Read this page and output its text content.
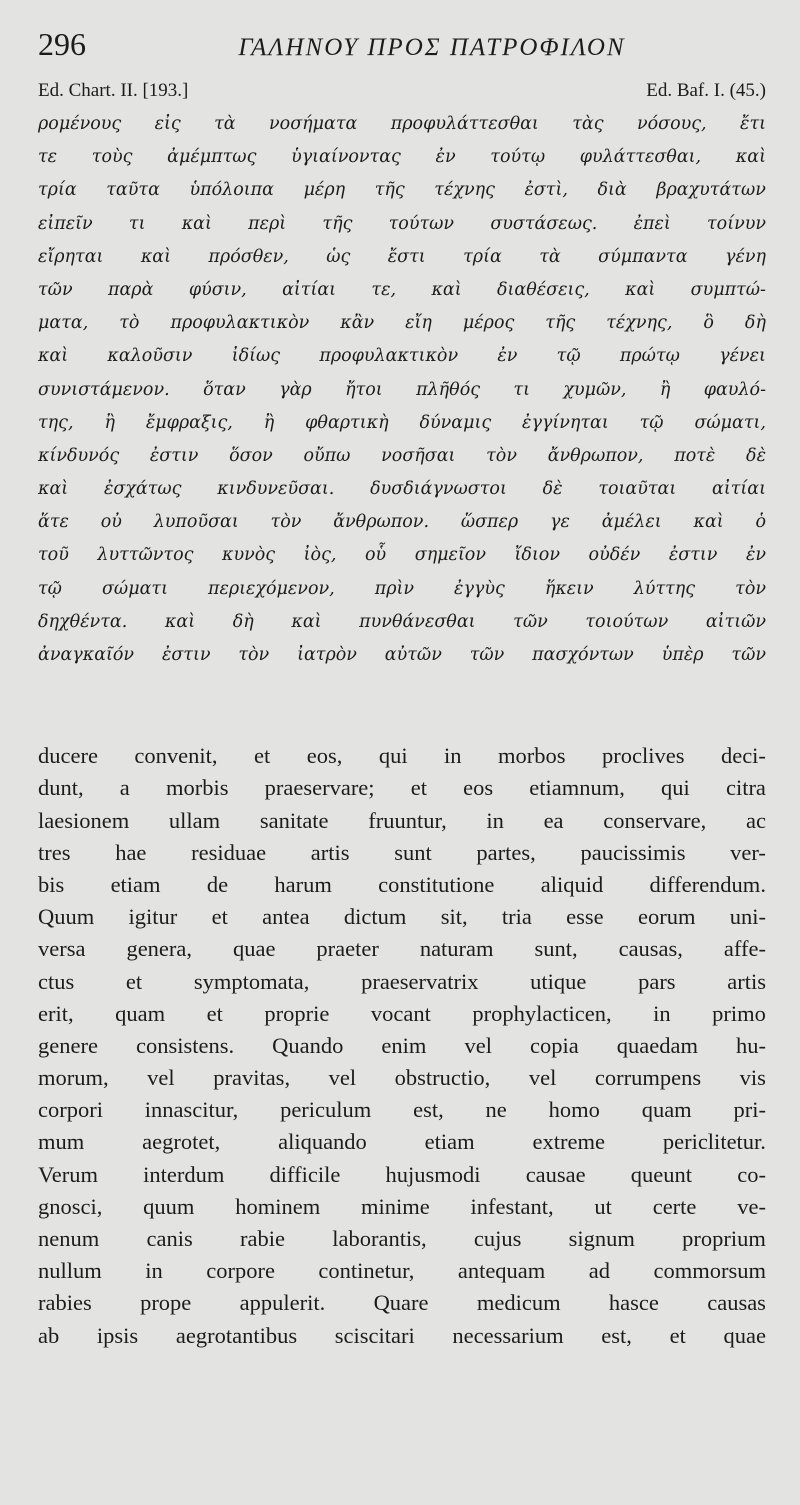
296	ΓΑΛΗΝΟΥ ΠΡΟΣ ΠΑΤΡΟΦΙΛΟΝ
Ed. Chart. II. [193.]	Ed. Baf. I. (45.)
ρομένους εἰς τὰ νοσήματα προφυλάττεσθαι τὰς νόσους, ἔτι
τε τοὺς ἀμέμπτως ὑγιαίνοντας ἐν τούτῳ φυλάττεσθαι, καὶ
τρία ταῦτα ὑπόλοιπα μέρη τῆς τέχνης ἐστὶ, διὰ βραχυτάτων
εἰπεῖν τι καὶ περὶ τῆς τούτων συστάσεως. ἐπεὶ τοίνυν
εἴρηται καὶ πρόσθεν, ὡς ἔστι τρία τὰ σύμπαντα γένη
τῶν παρὰ φύσιν, αἰτίαι τε, καὶ διαθέσεις, καὶ συμπτώ-
ματα, τὸ προφυλακτικὸν κἂν εἴη μέρος τῆς τέχνης, ὃ δὴ
καὶ καλοῦσιν ἰδίως προφυλακτικὸν ἐν τῷ πρώτῳ γένει
συνιστάμενον. ὅταν γὰρ ἤτοι πλῆθός τι χυμῶν, ἢ φαυλό-
της, ἢ ἔμφραξις, ἢ φθαρτικὴ δύναμις ἐγγίνηται τῷ σώματι,
κίνδυνός ἐστιν ὅσον οὔπω νοσῆσαι τὸν ἄνθρωπον, ποτὲ δὲ
καὶ ἐσχάτως κινδυνεῦσαι. δυσδιάγνωστοι δὲ τοιαῦται αἰτίαι
ἅτε οὐ λυποῦσαι τὸν ἄνθρωπον. ὥσπερ γε ἀμέλει καὶ ὁ
τοῦ λυττῶντος κυνὸς ἰὸς, οὗ σημεῖον ἴδιον οὐδέν ἐστιν ἐν
τῷ σώματι περιεχόμενον, πρὶν ἐγγὺς ἥκειν λύττης τὸν
δηχθέντα. καὶ δὴ καὶ πυνθάνεσθαι τῶν τοιούτων αἰτιῶν
ἀναγκαῖόν ἐστιν τὸν ἰατρὸν αὐτῶν τῶν πασχόντων ὑπὲρ τῶν
ducere convenit, et eos, qui in morbos proclives deci-
dunt, a morbis praeservare; et eos etiamnum, qui citra
laesionem ullam sanitate fruuntur, in ea conservare, ac
tres hae residuae artis sunt partes, paucissimis ver-
bis etiam de harum constitutione aliquid differendum.
Quum igitur et antea dictum sit, tria esse eorum uni-
versa genera, quae praeter naturam sunt, causas, affe-
ctus et symptomata, praeservatrix utique pars artis
erit, quam et proprie vocant prophylacticen, in primo
genere consistens. Quando enim vel copia quaedam hu-
morum, vel pravitas, vel obstructio, vel corrumpens vis
corpori innascitur, periculum est, ne homo quam pri-
mum	aegrotet,	aliquando	etiam	extreme	periclitetur.
Verum interdum difficile hujusmodi causae queunt co-
gnosci, quum hominem minime infestant, ut certe ve-
nenum canis rabie laborantis, cujus signum proprium
nullum in corpore continetur, antequam ad commorsum
rabies prope appulerit. Quare medicum hasce causas
ab ipsis aegrotantibus sciscitari necessarium est, et quae
